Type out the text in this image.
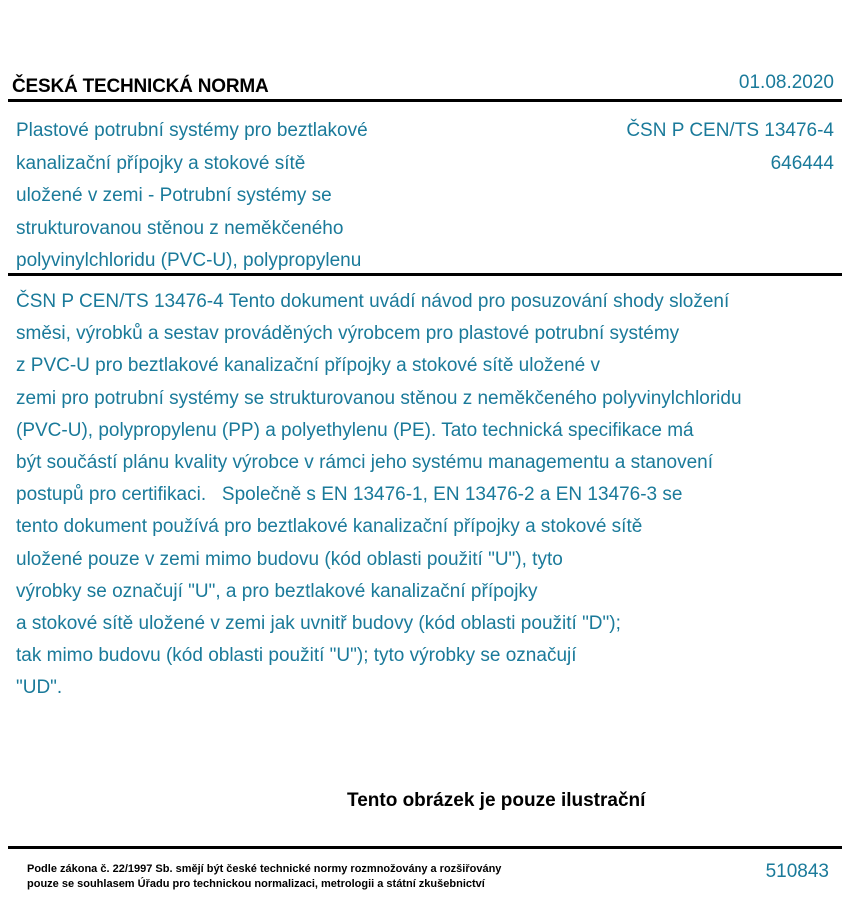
ČESKÁ TECHNICKÁ NORMA	01.08.2020
Plastové potrubní systémy pro beztlakové
kanalizační přípojky a stokové sítě
uložené v zemi - Potrubní systémy se
strukturovanou stěnou z neměkčeného
polyvinylchloridu (PVC-U), polypropylenu
ČSN P CEN/TS 13476-4
646444
ČSN P CEN/TS 13476-4 Tento dokument uvádí návod pro posuzování shody složení
směsi, výrobků a sestav prováděných výrobcem pro plastové potrubní systémy
z PVC-U pro beztlakové kanalizační přípojky a stokové sítě uložené v
zemi pro potrubní systémy se strukturovanou stěnou z neměkčeného polyvinylchloridu
(PVC-U), polypropylenu (PP) a polyethylenu (PE). Tato technická specifikace má
být součástí plánu kvality výrobce v rámci jeho systému managementu a stanovení
postupů pro certifikaci.   Společně s EN 13476-1, EN 13476-2 a EN 13476-3 se
tento dokument používá pro beztlakové kanalizační přípojky a stokové sítě
uložené pouze v zemi mimo budovu (kód oblasti použití "U"), tyto
výrobky se označují "U", a pro beztlakové kanalizační přípojky
a stokové sítě uložené v zemi jak uvnitř budovy (kód oblasti použití "D");
tak mimo budovu (kód oblasti použití "U"); tyto výrobky se označují
"UD".
Tento obrázek je pouze ilustrační
Podle zákona č. 22/1997 Sb. smějí být české technické normy rozmnožovány a rozšiřovány
pouze se souhlasem Úřadu pro technickou normalizaci, metrologii a státní zkušebnictví
510843
